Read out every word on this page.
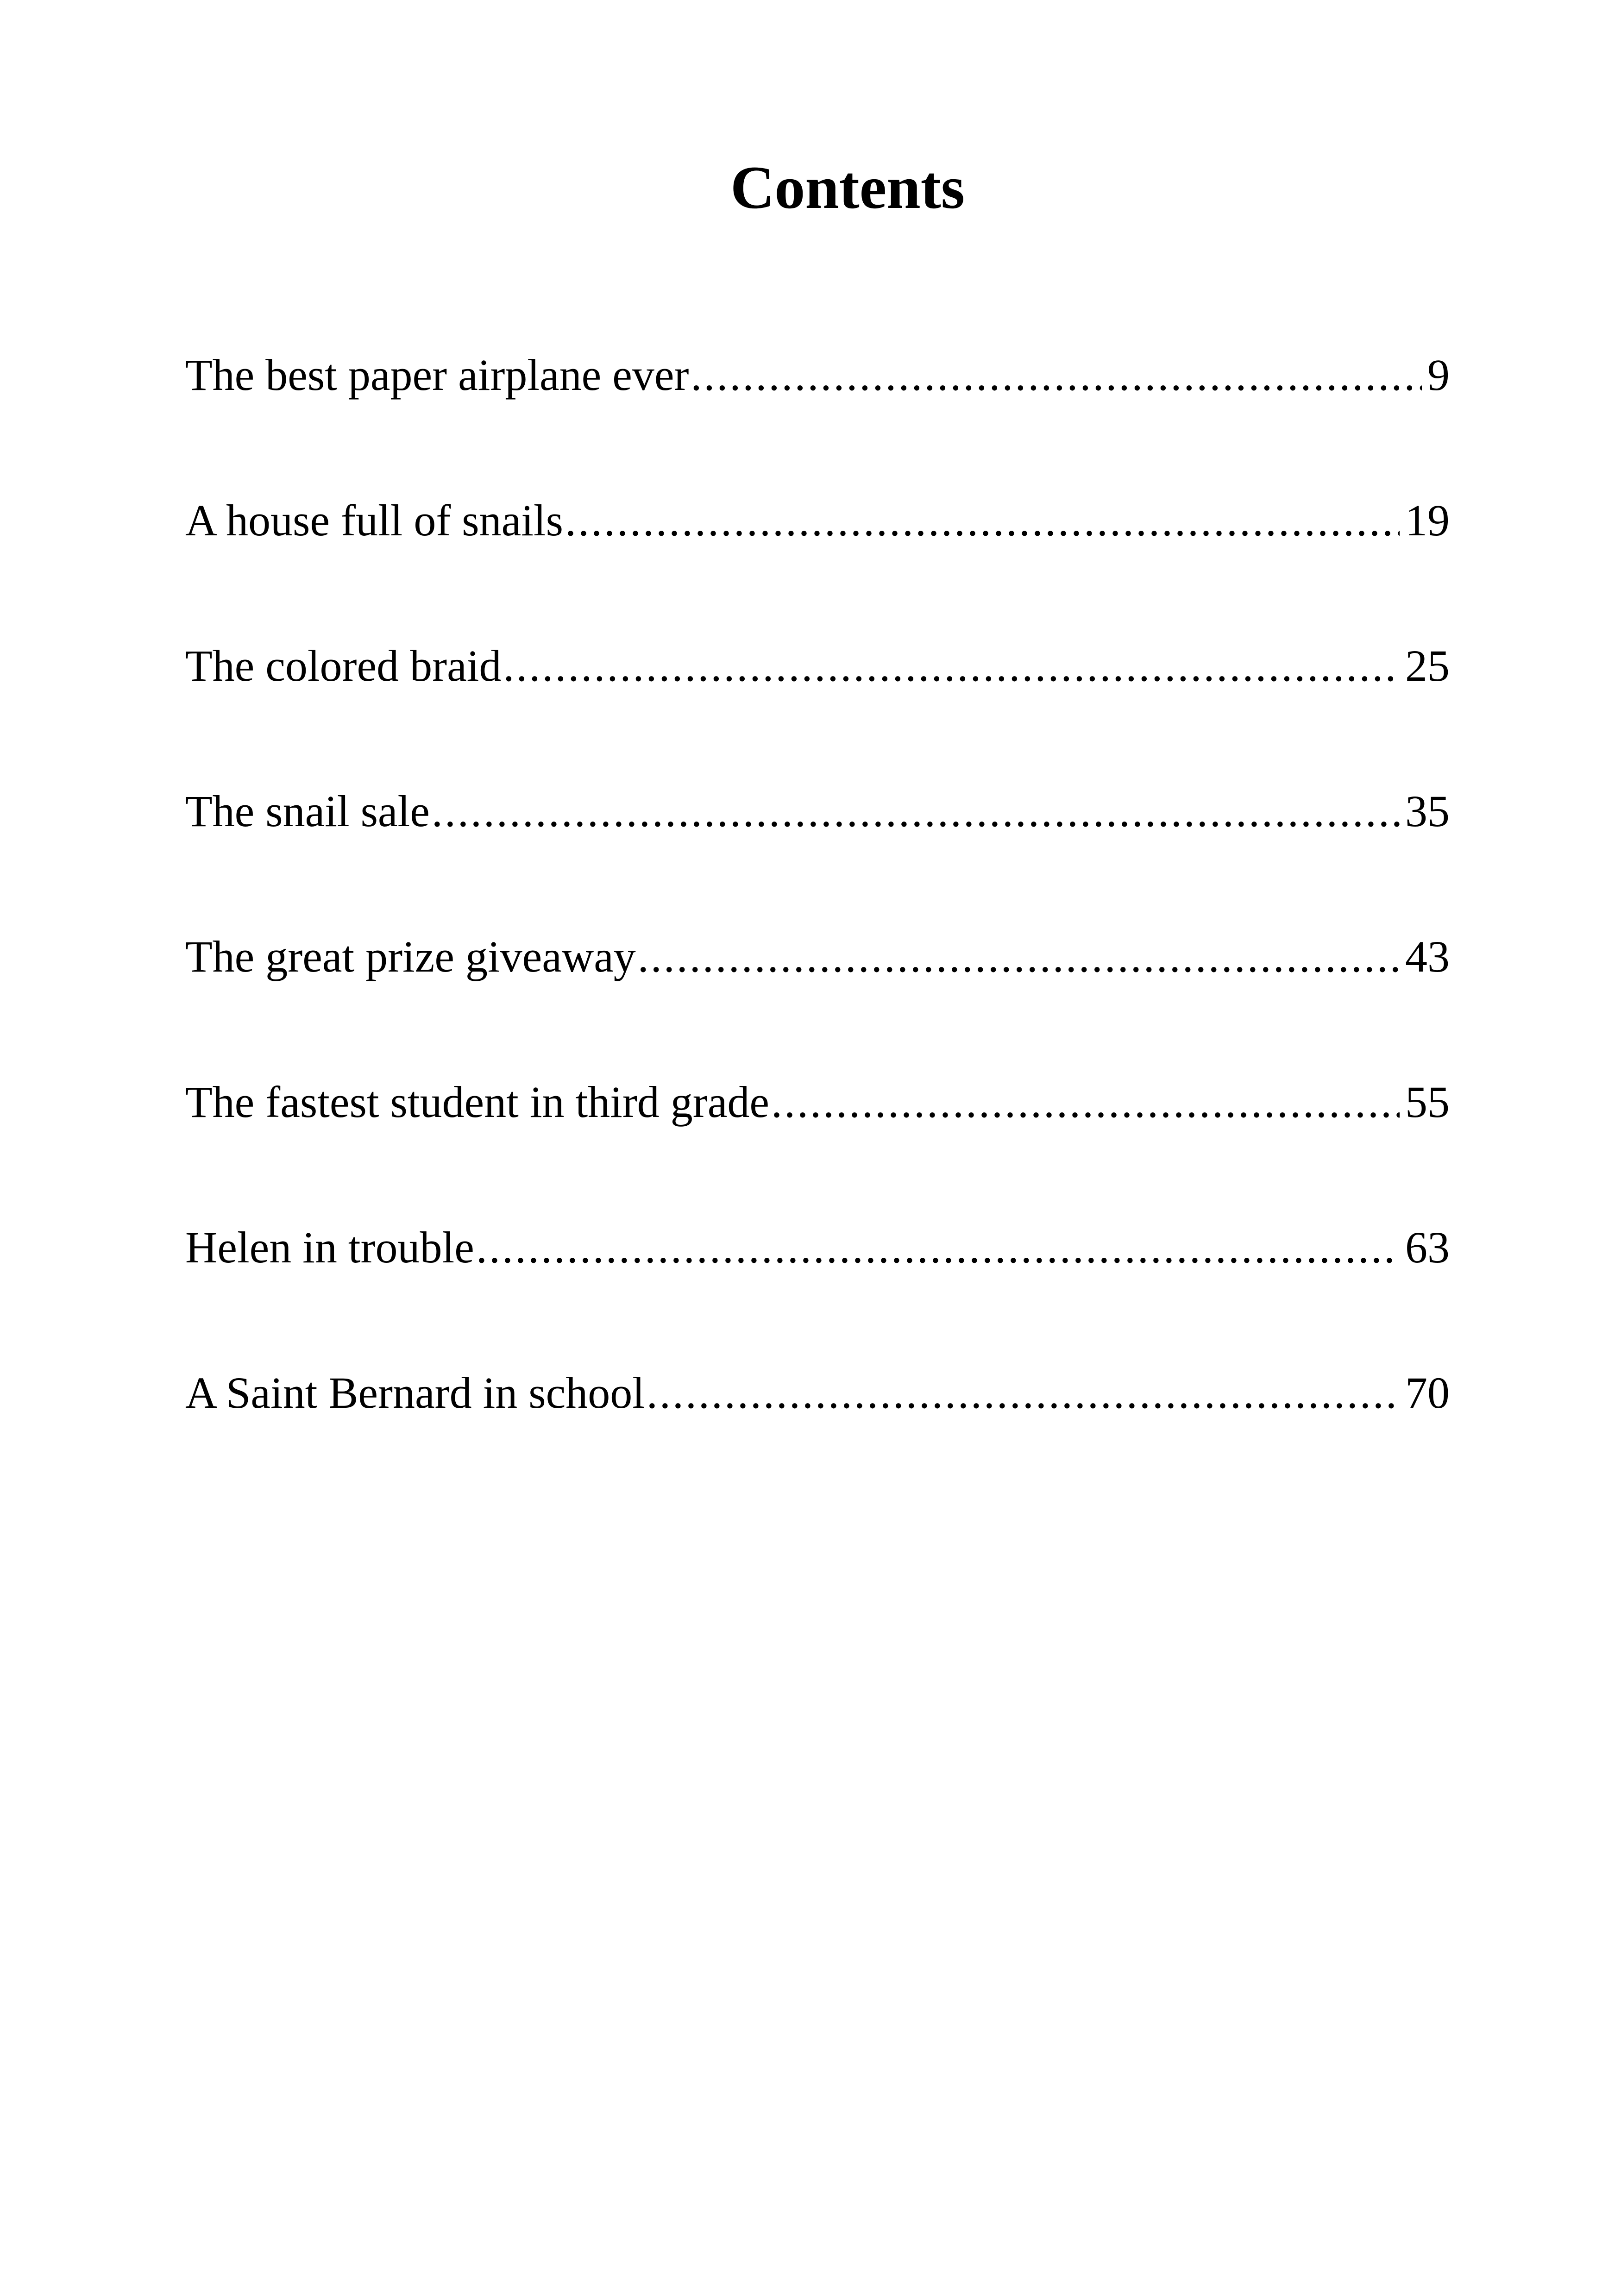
Contents
The best paper airplane ever .....	9
A house full of snails .....	19
The colored braid .....	25
The snail sale .....	35
The great prize giveaway .....	43
The fastest student in third grade .....	55
Helen in trouble .....	63
A Saint Bernard in school .....	70
